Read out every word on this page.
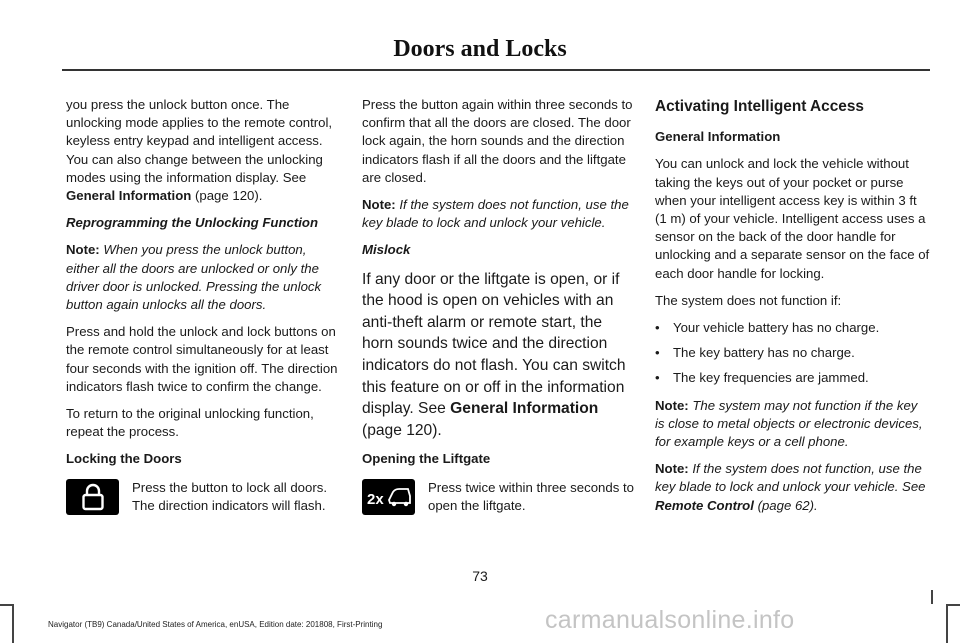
Doors and Locks

you press the unlock button once. The unlocking mode applies to the remote control, keyless entry keypad and intelligent access. You can also change between the unlocking modes using the information display. See General Information (page 120).

Reprogramming the Unlocking Function

Note: When you press the unlock button, either all the doors are unlocked or only the driver door is unlocked. Pressing the unlock button again unlocks all the doors.

Press and hold the unlock and lock buttons on the remote control simultaneously for at least four seconds with the ignition off. The direction indicators flash twice to confirm the change.

To return to the original unlocking function, repeat the process.

Locking the Doors

Press the button to lock all doors. The direction indicators will flash.

Press the button again within three seconds to confirm that all the doors are closed. The door lock again, the horn sounds and the direction indicators flash if all the doors and the liftgate are closed.

Note: If the system does not function, use the key blade to lock and unlock your vehicle.

Mislock

If any door or the liftgate is open, or if the hood is open on vehicles with an anti-theft alarm or remote start, the horn sounds twice and the direction indicators do not flash. You can switch this feature on or off in the information display. See General Information (page 120).

Opening the Liftgate

2x
Press twice within three seconds to open the liftgate.

Activating Intelligent Access

General Information

You can unlock and lock the vehicle without taking the keys out of your pocket or purse when your intelligent access key is within 3 ft (1 m) of your vehicle. Intelligent access uses a sensor on the back of the door handle for unlocking and a separate sensor on the face of each door handle for locking.

The system does not function if:

•	Your vehicle battery has no charge.

•	The key battery has no charge.

•	The key frequencies are jammed.

Note: The system may not function if the key is close to metal objects or electronic devices, for example keys or a cell phone.

Note: If the system does not function, use the key blade to lock and unlock your vehicle. See Remote Control (page 62).

73
Navigator (TB9) Canada/United States of America, enUSA, Edition date: 201808, First-Printing	carmanualsonline.info
